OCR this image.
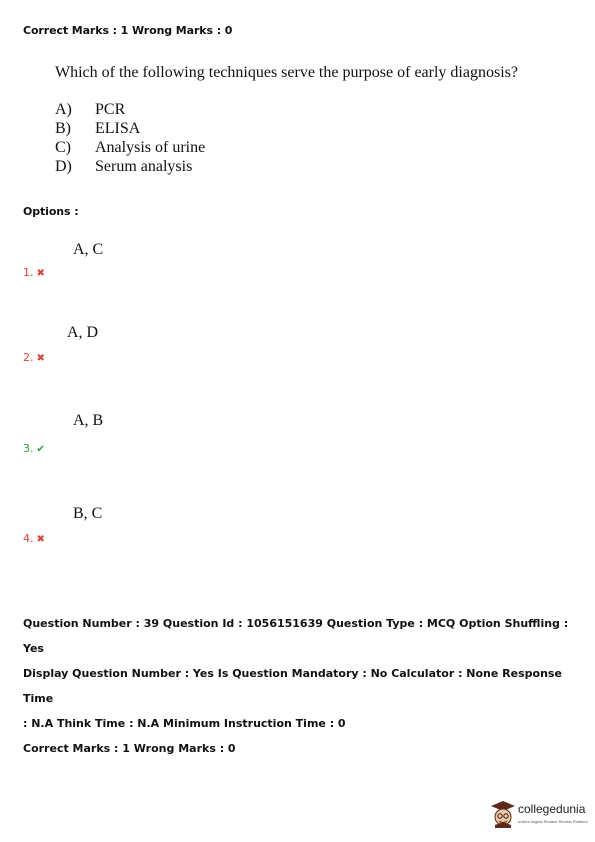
Correct Marks : 1 Wrong Marks : 0
Which of the following techniques serve the purpose of early diagnosis?
A) PCR
B) ELISA
C) Analysis of urine
D) Serum analysis
Options :
A, C
1. ✖
A, D
2. ✖
A, B
3. ✔
B, C
4. ✖
Question Number : 39 Question Id : 1056151639 Question Type : MCQ Option Shuffling : Yes
Display Question Number : Yes Is Question Mandatory : No Calculator : None Response Time
: N.A Think Time : N.A Minimum Instruction Time : 0
Correct Marks : 1 Wrong Marks : 0
collegedunia
India's largest Student Review Platform
